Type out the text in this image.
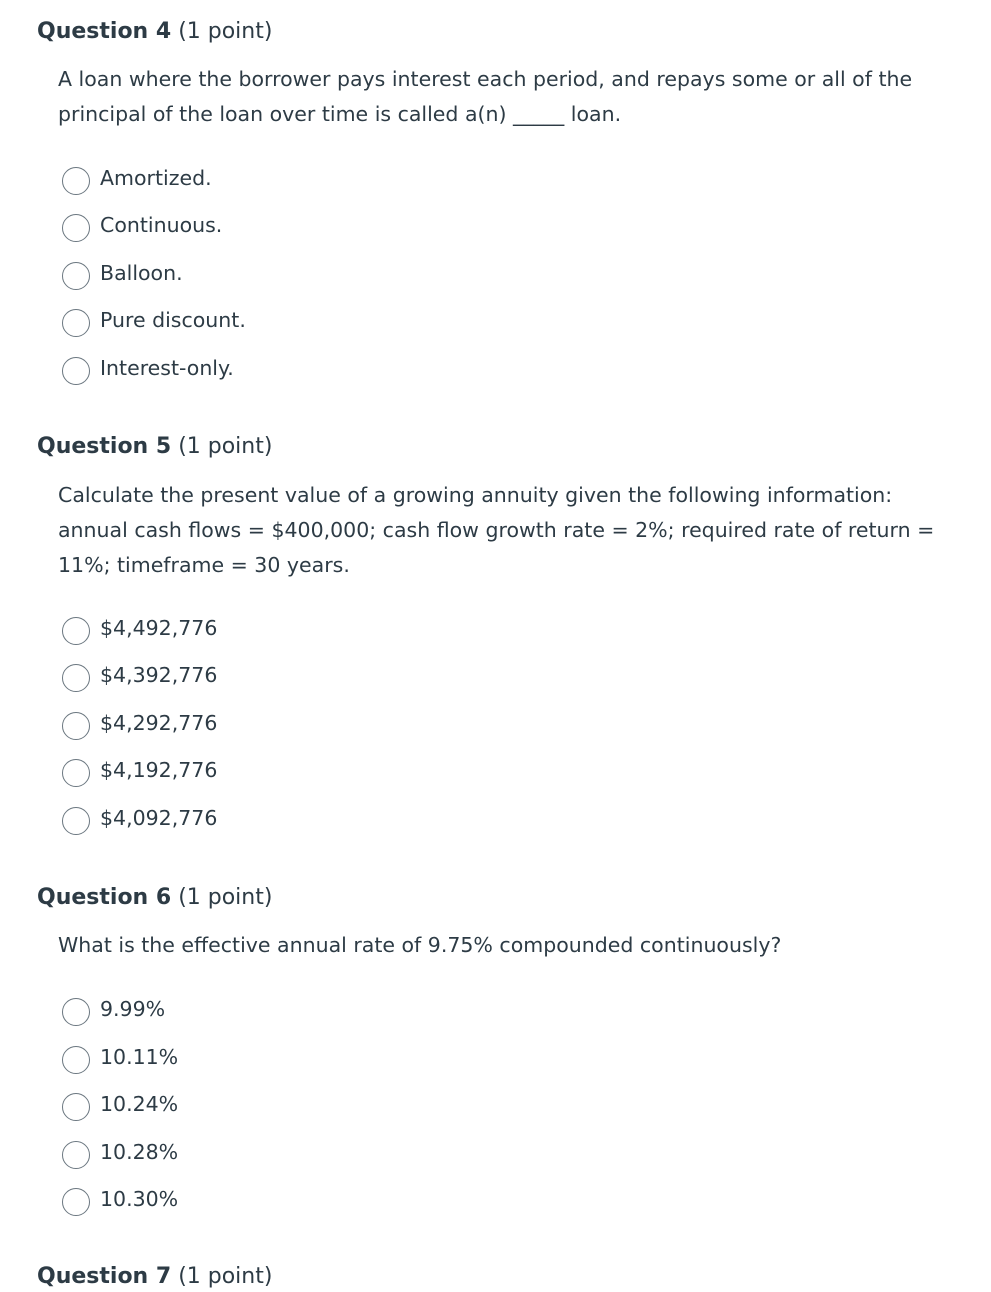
Question 4 (1 point)
A loan where the borrower pays interest each period, and repays some or all of the principal of the loan over time is called a(n) _____ loan.
Amortized.
Continuous.
Balloon.
Pure discount.
Interest-only.
Question 5 (1 point)
Calculate the present value of a growing annuity given the following information: annual cash flows = $400,000; cash flow growth rate = 2%; required rate of return = 11%; timeframe = 30 years.
$4,492,776
$4,392,776
$4,292,776
$4,192,776
$4,092,776
Question 6 (1 point)
What is the effective annual rate of 9.75% compounded continuously?
9.99%
10.11%
10.24%
10.28%
10.30%
Question 7 (1 point)
